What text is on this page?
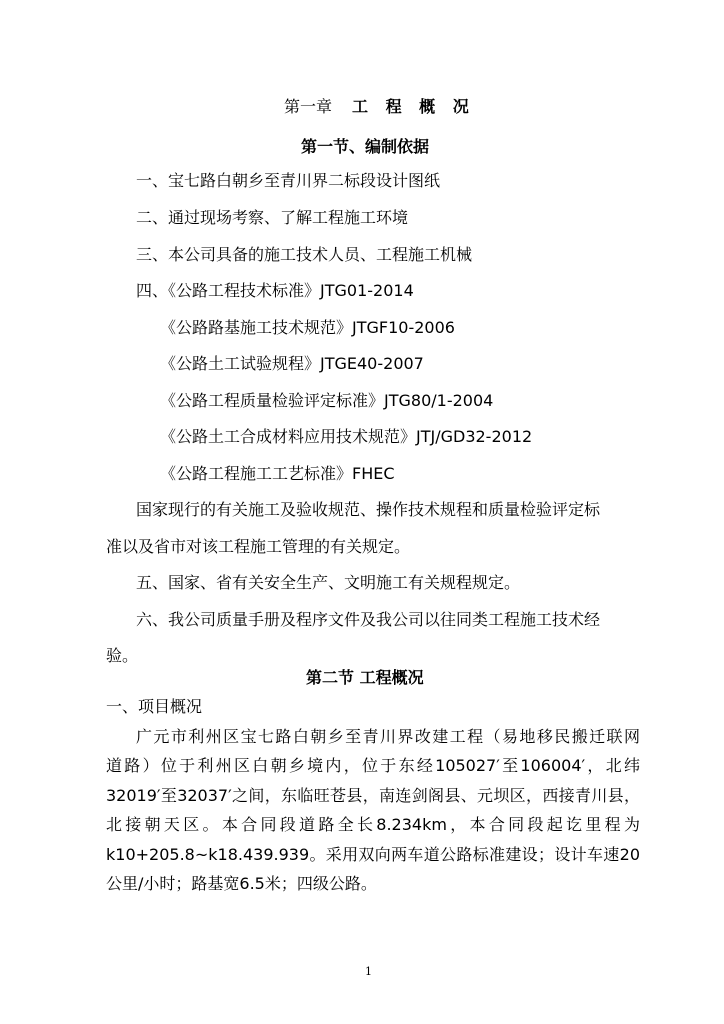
第一章 工 程 概 况
第一节、编制依据
一、宝七路白朝乡至青川界二标段设计图纸
二、通过现场考察、了解工程施工环境
三、本公司具备的施工技术人员、工程施工机械
四、《公路工程技术标准》JTG01-2014
《公路路基施工技术规范》JTGF10-2006
《公路土工试验规程》JTGE40-2007
《公路工程质量检验评定标准》JTG80/1-2004
《公路土工合成材料应用技术规范》JTJ/GD32-2012
《公路工程施工工艺标准》FHEC
国家现行的有关施工及验收规范、操作技术规程和质量检验评定标
准以及省市对该工程施工管理的有关规定。
五、国家、省有关安全生产、文明施工有关规程规定。
六、我公司质量手册及程序文件及我公司以往同类工程施工技术经
验。
第二节 工程概况
一、项目概况
广元市利州区宝七路白朝乡至青川界改建工程（易地移民搬迁联网
道路）位于利州区白朝乡境内，位于东经105027′至106004′，北纬
32019′至32037′之间，东临旺苍县，南连剑阁县、元坝区，西接青川县，
北接朝天区。本合同段道路全长8.234km，本合同段起讫里程为
k10+205.8~k18.439.939。采用双向两车道公路标准建设；设计车速20
公里/小时；路基宽6.5米；四级公路。
1
